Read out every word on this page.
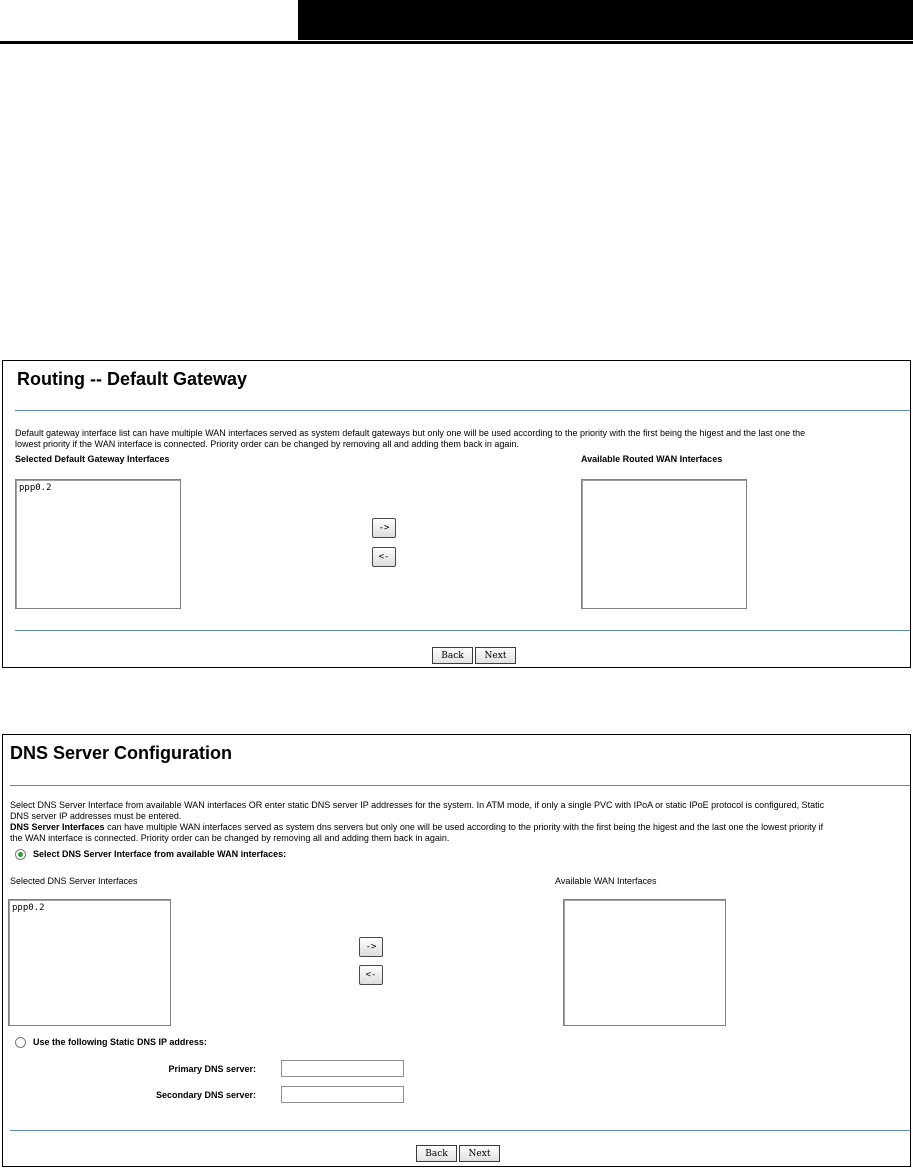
Routing -- Default Gateway
Default gateway interface list can have multiple WAN interfaces served as system default gateways but only one will be used according to the priority with the first being the higest and the last one the
lowest priority if the WAN interface is connected. Priority order can be changed by removing all and adding them back in again.
Selected Default Gateway Interfaces	Available Routed WAN Interfaces
ppp0.2
->
<-
Back	Next
DNS Server Configuration
Select DNS Server Interface from available WAN interfaces OR enter static DNS server IP addresses for the system. In ATM mode, if only a single PVC with IPoA or static IPoE protocol is configured, Static
DNS server IP addresses must be entered.
DNS Server Interfaces can have multiple WAN interfaces served as system dns servers but only one will be used according to the priority with the first being the higest and the last one the lowest priority if
the WAN interface is connected. Priority order can be changed by removing all and adding them back in again.
Select DNS Server Interface from available WAN interfaces:
Selected DNS Server Interfaces	Available WAN Interfaces
ppp0.2
->
<-
Use the following Static DNS IP address:
Primary DNS server:
Secondary DNS server:
Back	Next
